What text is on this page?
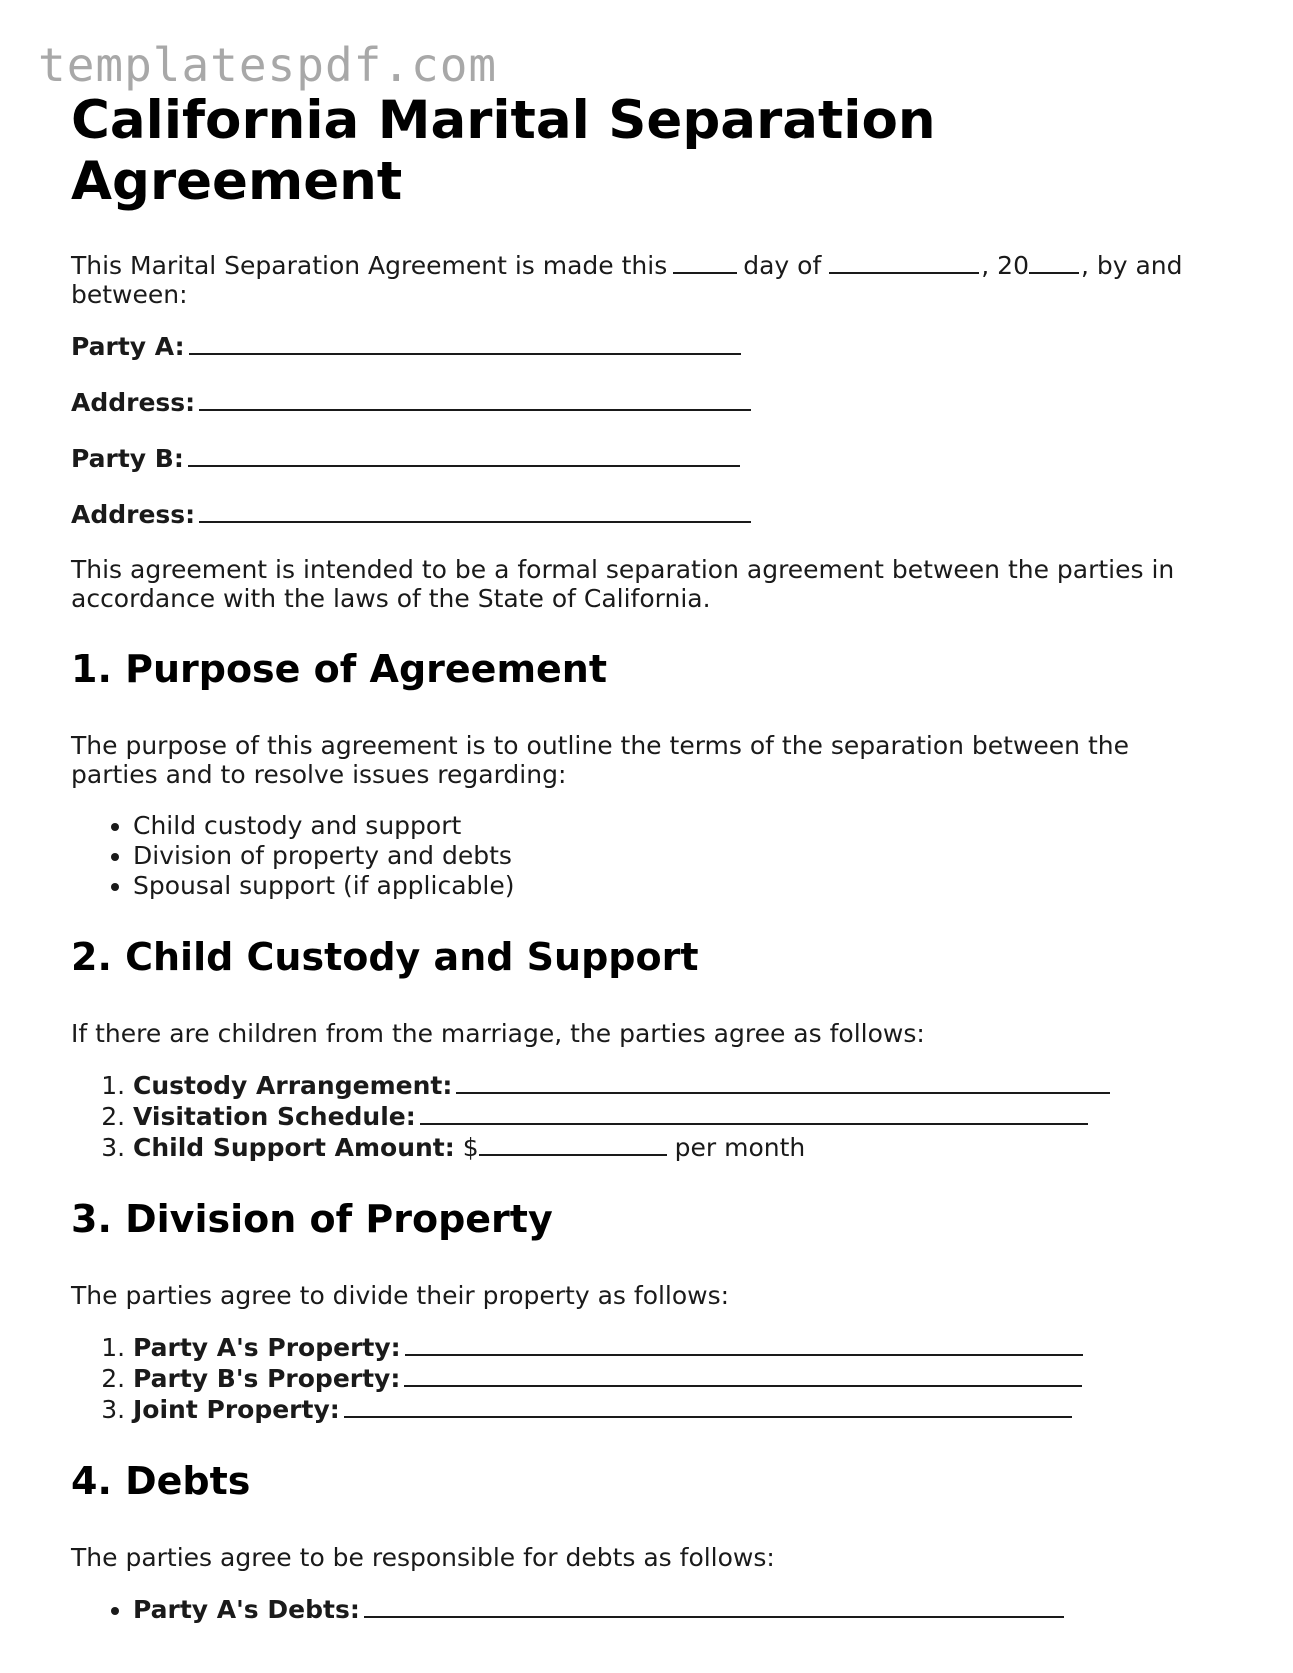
templatespdf.com
California Marital Separation Agreement

This Marital Separation Agreement is made this	day of	, 20 , by and between:

Party A:
Address:
Party B:
Address:

This agreement is intended to be a formal separation agreement between the parties in accordance with the laws of the State of California.

1. Purpose of Agreement

The purpose of this agreement is to outline the terms of the separation between the parties and to resolve issues regarding:

• Child custody and support
• Division of property and debts
• Spousal support (if applicable)
2. Child Custody and Support

If there are children from the marriage, the parties agree as follows:

1. Custody Arrangement:
2. Visitation Schedule:
3. Child Support Amount: $	per month
3. Division of Property

The parties agree to divide their property as follows:

1. Party A's Property:
2. Party B's Property:
3. Joint Property:
4. Debts

The parties agree to be responsible for debts as follows:

• Party A's Debts:
